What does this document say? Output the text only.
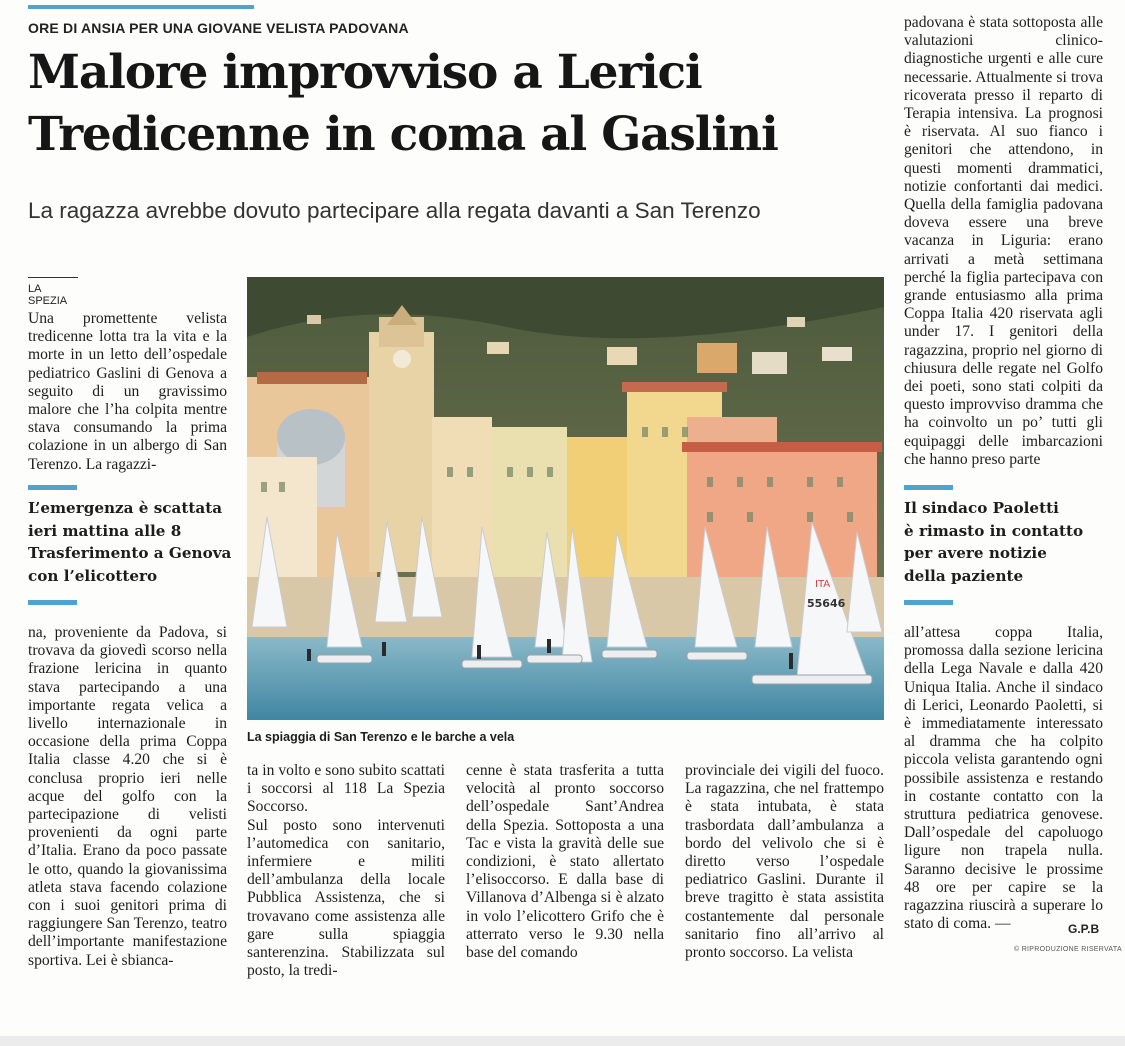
ORE DI ANSIA PER UNA GIOVANE VELISTA PADOVANA
Malore improvviso a Lerici
Tredicenne in coma al Gaslini
La ragazza avrebbe dovuto partecipare alla regata davanti a San Terenzo
LA SPEZIA

Una promettente velista tredicenne lotta tra la vita e la morte in un letto dell’ospedale pediatrico Gaslini di Genova a seguito di un gravissimo malore che l’ha colpita mentre stava consumando la prima colazione in un albergo di San Terenzo. La ragazzi-

L’emergenza è scattata
ieri mattina alle 8
Trasferimento a Genova
con l’elicottero

na, proveniente da Padova, si trovava da giovedì scorso nella frazione lericina in quanto stava partecipando a una importante regata velica a livello internazionale in occasione della prima Coppa Italia classe 4.20 che si è conclusa proprio ieri nelle acque del golfo con la partecipazione di velisti provenienti da ogni parte d’Italia. Erano da poco passate le otto, quando la giovanissima atleta stava facendo colazione con i suoi genitori prima di raggiungere San Terenzo, teatro dell’importante manifestazione sportiva. Lei è sbianca-

55646
ITA
La spiaggia di San Terenzo e le barche a vela

ta in volto e sono subito scattati i soccorsi al 118 La Spezia Soccorso.
Sul posto sono intervenuti l’automedica con sanitario, infermiere e militi dell’ambulanza della locale Pubblica Assistenza, che si trovavano come assistenza alle gare sulla spiaggia santerenzina. Stabilizzata sul posto, la tredi-

cenne è stata trasferita a tutta velocità al pronto soccorso dell’ospedale Sant’Andrea della Spezia. Sottoposta a una Tac e vista la gravità delle sue condizioni, è stato allertato l’elisoccorso. E dalla base di Villanova d’Albenga si è alzato in volo l’elicottero Grifo che è atterrato verso le 9.30 nella base del comando

provinciale dei vigili del fuoco. La ragazzina, che nel frattempo è stata intubata, è stata trasbordata dall’ambulanza a bordo del velivolo che si è diretto verso l’ospedale pediatrico Gaslini. Durante il breve tragitto è stata assistita costantemente dal personale sanitario fino all’arrivo al pronto soccorso. La velista

padovana è stata sottoposta alle valutazioni clinico-diagnostiche urgenti e alle cure necessarie. Attualmente si trova ricoverata presso il reparto di Terapia intensiva. La prognosi è riservata. Al suo fianco i genitori che attendono, in questi momenti drammatici, notizie confortanti dai medici. Quella della famiglia padovana doveva essere una breve vacanza in Liguria: erano arrivati a metà settimana perché la figlia partecipava con grande entusiasmo alla prima Coppa Italia 420 riservata agli under 17. I genitori della ragazzina, proprio nel giorno di chiusura delle regate nel Golfo dei poeti, sono stati colpiti da questo improvviso dramma che ha coinvolto un po’ tutti gli equipaggi delle imbarcazioni che hanno preso parte

Il sindaco Paoletti
è rimasto in contatto
per avere notizie
della paziente

all’attesa coppa Italia, promossa dalla sezione lericina della Lega Navale e dalla 420 Uniqua Italia. Anche il sindaco di Lerici, Leonardo Paoletti, si è immediatamente interessato al dramma che ha colpito piccola velista garantendo ogni possibile assistenza e restando in costante contatto con la struttura pediatrica genovese. Dall’ospedale del capoluogo ligure non trapela nulla. Saranno decisive le prossime 48 ore per capire se la ragazzina riuscirà a superare lo stato di coma. —	G.P.B
© RIPRODUZIONE RISERVATA
